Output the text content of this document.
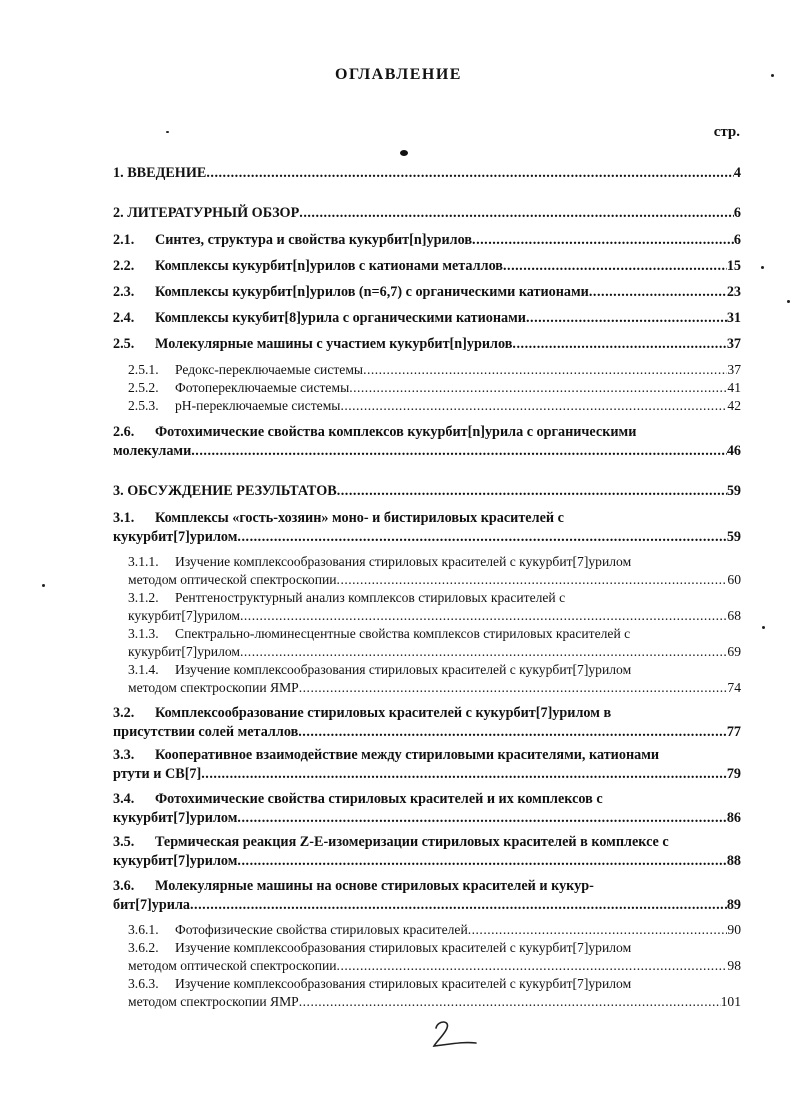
ОГЛАВЛЕНИЕ
стр.
1. ВВЕДЕНИЕ .....	4
2. ЛИТЕРАТУРНЫЙ ОБЗОР .....	6
2.1.	Синтез, структура и свойства кукурбит[n]урилов .....	6
2.2.	Комплексы кукурбит[n]урилов с катионами металлов .....	15
2.3.	Комплексы кукурбит[n]урилов (n=6,7) с органическими катионами .....	23
2.4.	Комплексы кукубит[8]урила с органическими катионами .....	31
2.5.	Молекулярные машины с участием кукурбит[n]урилов .....	37
2.5.1.	Редокс-переключаемые системы .....	37
2.5.2.	Фотопереключаемые системы .....	41
2.5.3.	рН-переключаемые системы .....	42
2.6. Фотохимические свойства комплексов кукурбит[n]урила с органическими
молекулами .....	46
3. ОБСУЖДЕНИЕ РЕЗУЛЬТАТОВ .....	59
3.1. Комплексы «гость-хозяин» моно- и бистириловых красителей с
кукурбит[7]урилом .....	59
3.1.1. Изучение комплексообразования стириловых красителей с кукурбит[7]урилом
методом оптической спектроскопии .....	60
3.1.2. Рентгеноструктурный анализ комплексов стириловых красителей с
кукурбит[7]урилом .....	68
3.1.3. Спектрально-люминесцентные свойства комплексов стириловых красителей с
кукурбит[7]урилом .....	69
3.1.4. Изучение комплексообразования стириловых красителей с кукурбит[7]урилом
методом спектроскопии ЯМР .....	74
3.2. Комплексообразование стириловых красителей с кукурбит[7]урилом в
присутствии солей металлов .....	77
3.3. Кооперативное взаимодействие между стириловыми красителями, катионами
ртути и CB[7] .....	79
3.4. Фотохимические свойства стириловых красителей и их комплексов с
кукурбит[7]урилом .....	86
3.5. Термическая реакция Z-E-изомеризации стириловых красителей в комплексе с
кукурбит[7]урилом .....	88
3.6. Молекулярные машины на основе стириловых красителей и кукур-
бит[7]урила .....	89
3.6.1.	Фотофизические свойства стириловых красителей .....	90
3.6.2. Изучение комплексообразования стириловых красителей с кукурбит[7]урилом
методом оптической спектроскопии .....	98
3.6.3. Изучение комплексообразования стириловых красителей с кукурбит[7]урилом
методом спектроскопии ЯМР .....	101
